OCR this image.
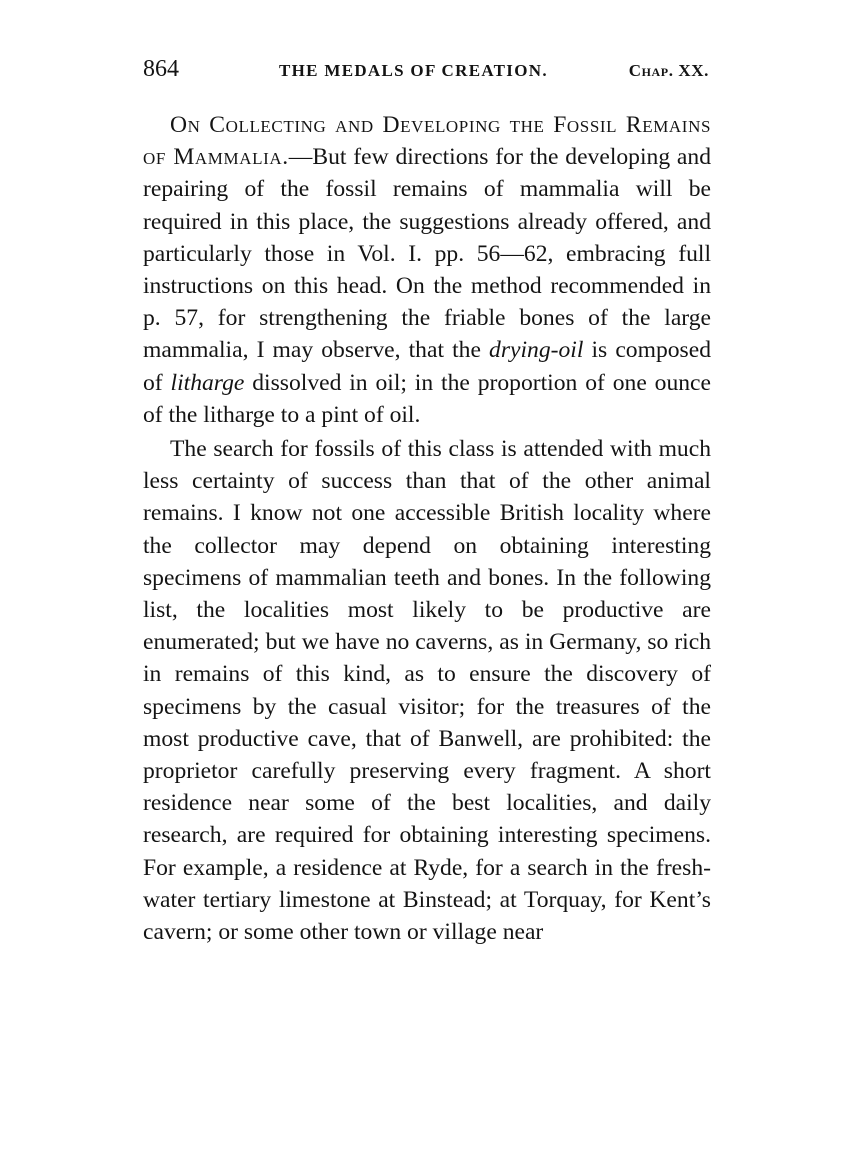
864	THE MEDALS OF CREATION.	Chap. XX.

On Collecting and Developing the Fossil Remains of Mammalia.—But few directions for the developing and repairing of the fossil remains of mammalia will be required in this place, the suggestions already offered, and particularly those in Vol. I. pp. 56—62, embracing full instructions on this head. On the method recommended in p. 57, for strengthening the friable bones of the large mammalia, I may observe, that the drying-oil is composed of litharge dissolved in oil; in the proportion of one ounce of the litharge to a pint of oil.

The search for fossils of this class is attended with much less certainty of success than that of the other animal remains. I know not one accessible British locality where the collector may depend on obtaining interesting specimens of mammalian teeth and bones. In the following list, the localities most likely to be productive are enumerated; but we have no caverns, as in Germany, so rich in remains of this kind, as to ensure the discovery of specimens by the casual visitor; for the treasures of the most productive cave, that of Banwell, are prohibited: the proprietor carefully preserving every fragment. A short residence near some of the best localities, and daily research, are required for obtaining interesting specimens. For example, a residence at Ryde, for a search in the fresh-water tertiary limestone at Binstead; at Torquay, for Kent’s cavern; or some other town or village near
